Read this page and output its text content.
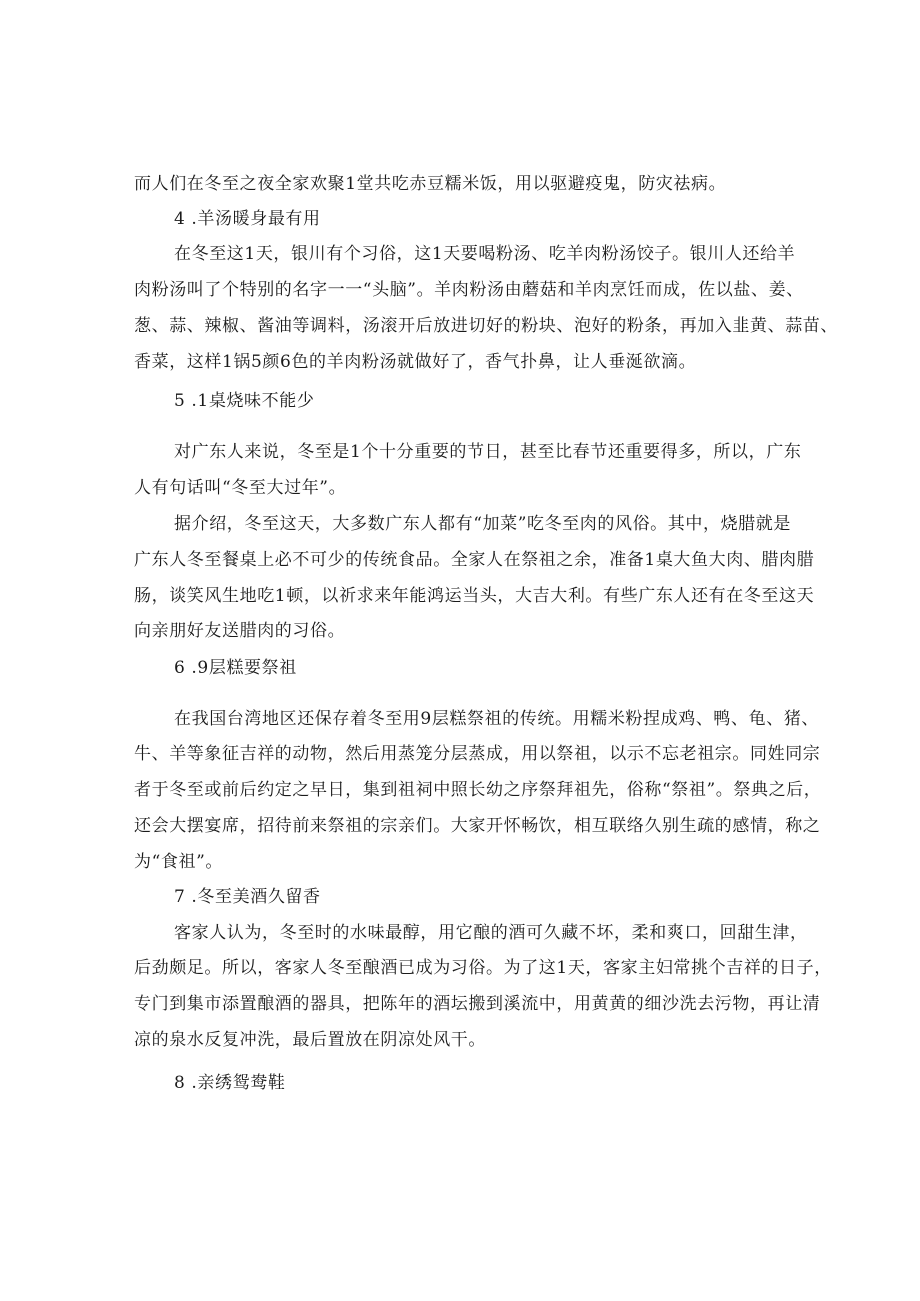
而人们在冬至之夜全家欢聚1堂共吃赤豆糯米饭，用以驱避疫鬼，防灾祛病。
4 .羊汤暖身最有用
在冬至这1天，银川有个习俗，这1天要喝粉汤、吃羊肉粉汤饺子。银川人还给羊
肉粉汤叫了个特别的名字一一“头脑”。羊肉粉汤由蘑菇和羊肉烹饪而成，佐以盐、姜、
葱、蒜、辣椒、酱油等调料，汤滚开后放进切好的粉块、泡好的粉条，再加入韭黄、蒜苗、
香菜，这样1锅5颜6色的羊肉粉汤就做好了，香气扑鼻，让人垂涎欲滴。
5 .1桌烧味不能少
对广东人来说，冬至是1个十分重要的节日，甚至比春节还重要得多，所以，广东
人有句话叫“冬至大过年”。
据介绍，冬至这天，大多数广东人都有“加菜”吃冬至肉的风俗。其中，烧腊就是
广东人冬至餐桌上必不可少的传统食品。全家人在祭祖之余，准备1桌大鱼大肉、腊肉腊
肠，谈笑风生地吃1顿，以祈求来年能鸿运当头，大吉大利。有些广东人还有在冬至这天
向亲朋好友送腊肉的习俗。
6 .9层糕要祭祖
在我国台湾地区还保存着冬至用9层糕祭祖的传统。用糯米粉捏成鸡、鸭、龟、猪、
牛、羊等象征吉祥的动物，然后用蒸笼分层蒸成，用以祭祖，以示不忘老祖宗。同姓同宗
者于冬至或前后约定之早日，集到祖祠中照长幼之序祭拜祖先，俗称“祭祖”。祭典之后，
还会大摆宴席，招待前来祭祖的宗亲们。大家开怀畅饮，相互联络久别生疏的感情，称之
为“食祖”。
7 .冬至美酒久留香
客家人认为，冬至时的水味最醇，用它酿的酒可久藏不坏，柔和爽口，回甜生津，
后劲颇足。所以，客家人冬至酿酒已成为习俗。为了这1天，客家主妇常挑个吉祥的日子，
专门到集市添置酿酒的器具，把陈年的酒坛搬到溪流中，用黄黄的细沙洗去污物，再让清
凉的泉水反复冲洗，最后置放在阴凉处风干。
8 .亲绣鸳鸯鞋
